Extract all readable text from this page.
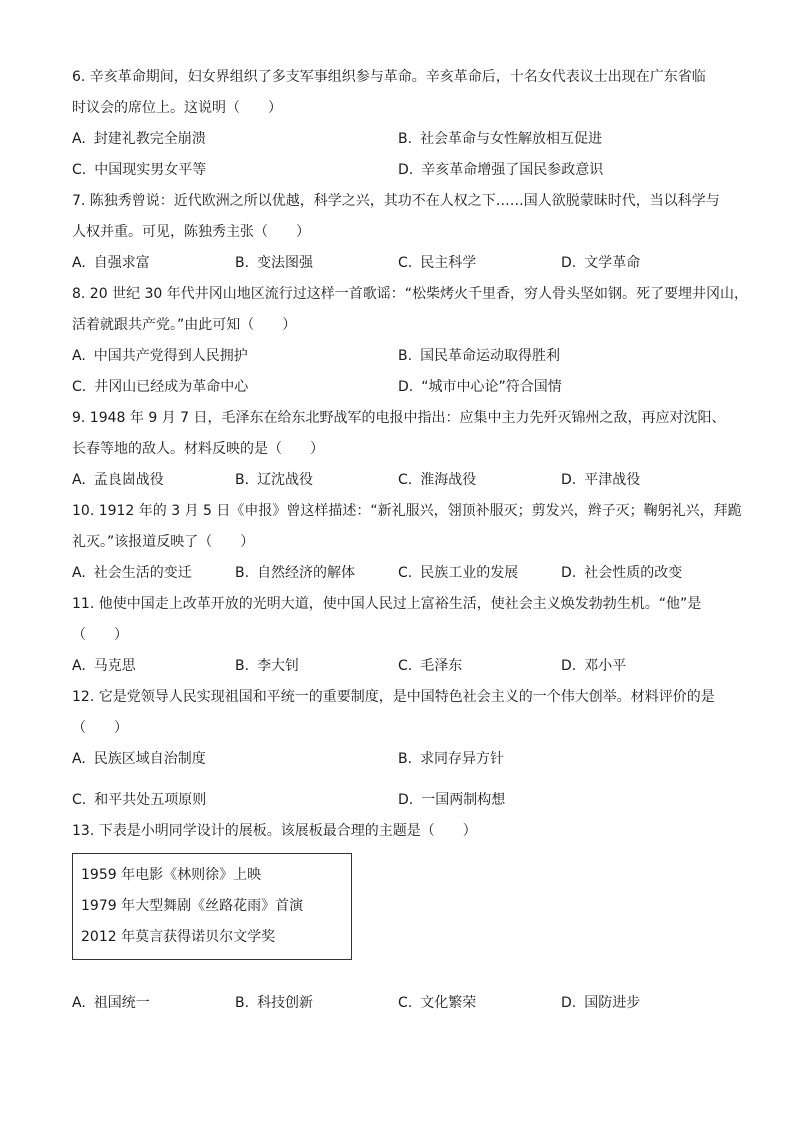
6. 辛亥革命期间，妇女界组织了多支军事组织参与革命。辛亥革命后，十名女代表议士出现在广东省临
时议会的席位上。这说明（　　）
A. 封建礼教完全崩溃	B. 社会革命与女性解放相互促进
C. 中国现实男女平等	D. 辛亥革命增强了国民参政意识
7. 陈独秀曾说：近代欧洲之所以优越，科学之兴，其功不在人权之下……国人欲脱蒙昧时代，当以科学与
人权并重。可见，陈独秀主张（　　）
A. 自强求富	B. 变法图强	C. 民主科学	D. 文学革命
8. 20 世纪 30 年代井冈山地区流行过这样一首歌谣：“松柴烤火千里香，穷人骨头坚如钢。死了要埋井冈山，
活着就跟共产党。”由此可知（　　）
A. 中国共产党得到人民拥护	B. 国民革命运动取得胜利
C. 井冈山已经成为革命中心	D. “城市中心论”符合国情
9. 1948 年 9 月 7 日，毛泽东在给东北野战军的电报中指出：应集中主力先歼灭锦州之敌，再应对沈阳、
长春等地的敌人。材料反映的是（　　）
A. 孟良崮战役	B. 辽沈战役	C. 淮海战役	D. 平津战役
10. 1912 年的 3 月 5 日《申报》曾这样描述：“新礼服兴，翎顶补服灭；剪发兴，辫子灭；鞠躬礼兴，拜跪
礼灭。”该报道反映了（　　）
A. 社会生活的变迁	B. 自然经济的解体	C. 民族工业的发展	D. 社会性质的改变
11. 他使中国走上改革开放的光明大道，使中国人民过上富裕生活，使社会主义焕发勃勃生机。“他”是
（　　）
A. 马克思	B. 李大钊	C. 毛泽东	D. 邓小平
12. 它是党领导人民实现祖国和平统一的重要制度，是中国特色社会主义的一个伟大创举。材料评价的是
（　　）
A. 民族区域自治制度	B. 求同存异方针
C. 和平共处五项原则	D. 一国两制构想
13. 下表是小明同学设计的展板。该展板最合理的主题是（　　）
1959 年电影《林则徐》上映
1979 年大型舞剧《丝路花雨》首演
2012 年莫言获得诺贝尔文学奖
A. 祖国统一	B. 科技创新	C. 文化繁荣	D. 国防进步
